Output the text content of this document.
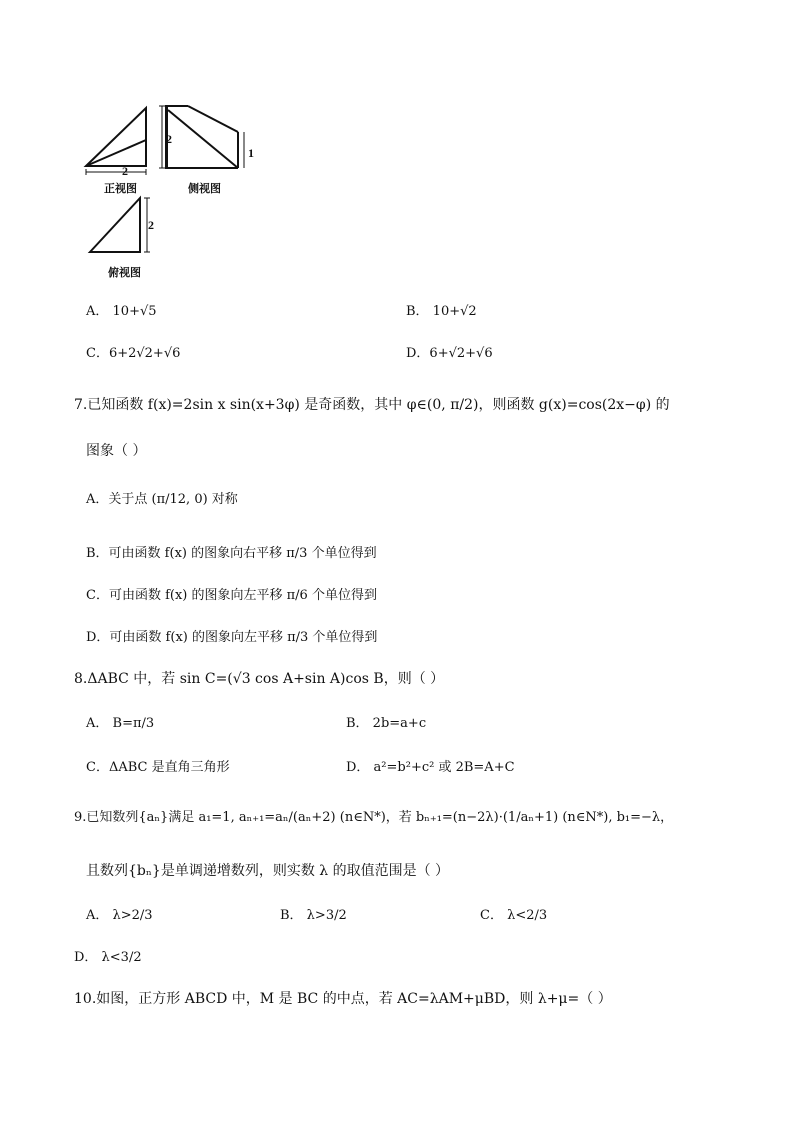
2
2
1
2
正视图	侧视图
俯视图
A． 10+√5	B． 10+√2
C．6+2√2+√6	D．6+√2+√6
7.已知函数 f(x)=2sin x sin(x+3φ) 是奇函数，其中 φ∈(0, π/2)，则函数 g(x)=cos(2x−φ) 的
图象（ ）
A．关于点 (π/12, 0) 对称
B．可由函数 f(x) 的图象向右平移 π/3 个单位得到
C．可由函数 f(x) 的图象向左平移 π/6 个单位得到
D．可由函数 f(x) 的图象向左平移 π/3 个单位得到
8.ΔABC 中，若 sin C=(√3 cos A+sin A)cos B，则（ ）
A． B=π/3	B． 2b=a+c
C．ΔABC 是直角三角形	D． a²=b²+c² 或 2B=A+C
9.已知数列{aₙ}满足 a₁=1, aₙ₊₁=aₙ/(aₙ+2) (n∈N*)，若 bₙ₊₁=(n−2λ)·(1/aₙ+1) (n∈N*), b₁=−λ，
且数列{bₙ}是单调递增数列，则实数 λ 的取值范围是（ ）
A． λ>2/3	B． λ>3/2	C． λ<2/3
D． λ<3/2
10.如图，正方形 ABCD 中，M 是 BC 的中点，若 AC=λAM+μBD，则 λ+μ=（ ）
